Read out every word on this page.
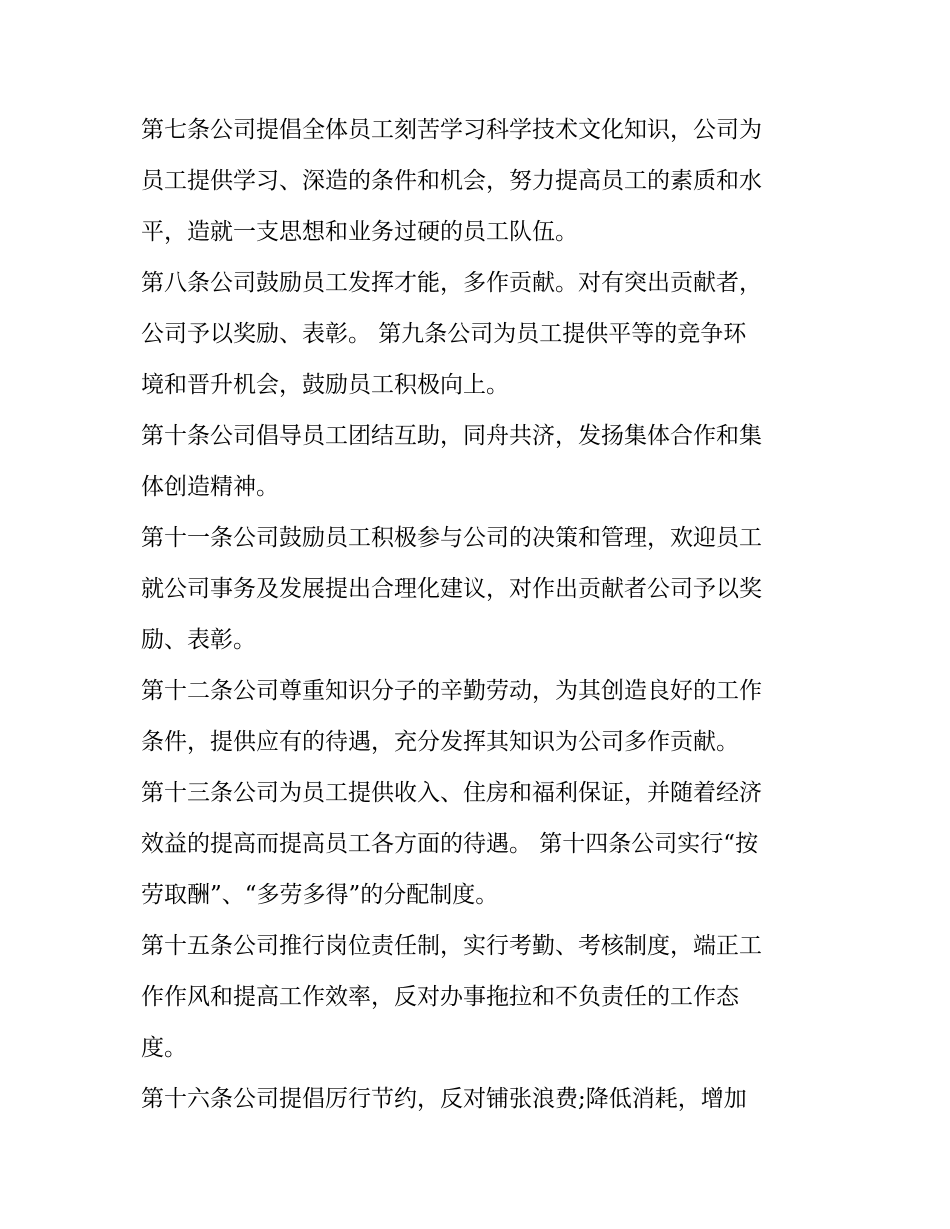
第七条公司提倡全体员工刻苦学习科学技术文化知识，公司为
员工提供学习、深造的条件和机会，努力提高员工的素质和水
平，造就一支思想和业务过硬的员工队伍。
第八条公司鼓励员工发挥才能，多作贡献。对有突出贡献者，
公司予以奖励、表彰。 第九条公司为员工提供平等的竞争环
境和晋升机会，鼓励员工积极向上。
第十条公司倡导员工团结互助，同舟共济，发扬集体合作和集
体创造精神。
第十一条公司鼓励员工积极参与公司的决策和管理，欢迎员工
就公司事务及发展提出合理化建议，对作出贡献者公司予以奖
励、表彰。
第十二条公司尊重知识分子的辛勤劳动，为其创造良好的工作
条件，提供应有的待遇，充分发挥其知识为公司多作贡献。
第十三条公司为员工提供收入、住房和福利保证，并随着经济
效益的提高而提高员工各方面的待遇。 第十四条公司实行“按
劳取酬”、“多劳多得”的分配制度。
第十五条公司推行岗位责任制，实行考勤、考核制度，端正工
作作风和提高工作效率，反对办事拖拉和不负责任的工作态
度。
第十六条公司提倡厉行节约，反对铺张浪费;降低消耗，增加
